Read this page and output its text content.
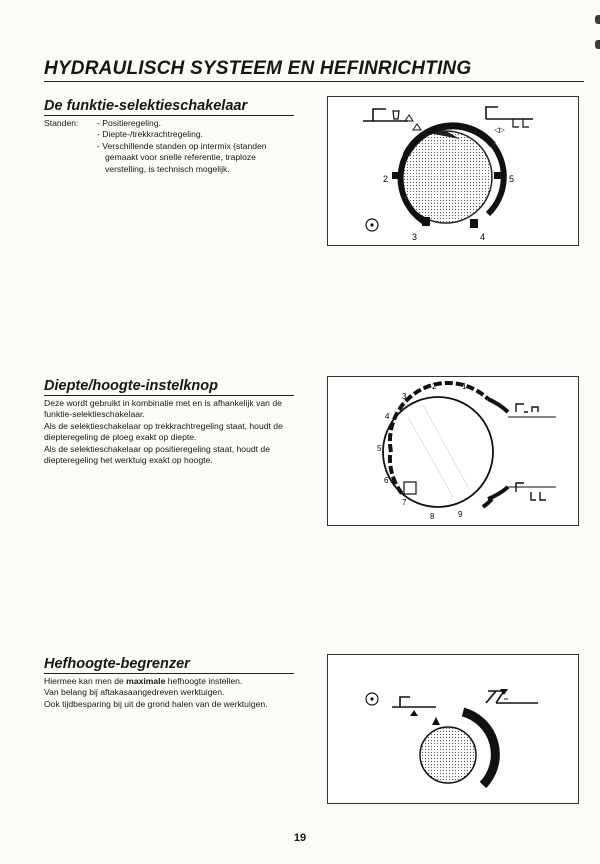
HYDRAULISCH SYSTEEM EN HEFINRICHTING
De funktie-selektieschakelaar
Standen: - Positieregeling.
- Diepte-/trekkrachtregeling.
- Verschillende standen op intermix (standen gemaakt voor snelle referentie, traploze verstelling, is technisch mogelijk.
◁▷
2
3	4
5
Diepte/hoogte-instelknop

Deze wordt gebruikt in kombinatie met en is afhankelijk van de funktie-selektieschakelaar.

Als de selektieschakelaar op trekkrachtregeling staat, houdt de diepteregeling de ploeg exakt op diepte.

Als de selektieschakelaar op positieregeling staat, houdt de diepteregeling het werktuig exakt op hoogte.

2	1
3
4
5
6
7
8	9
Hefhoogte-begrenzer

Hiermee kan men de maximale hefhoogte instellen.

Van belang bij aftakasaangedreven werktuigen.

Ook tijdbesparing bij uit de grond halen van de werktuigen.

19
